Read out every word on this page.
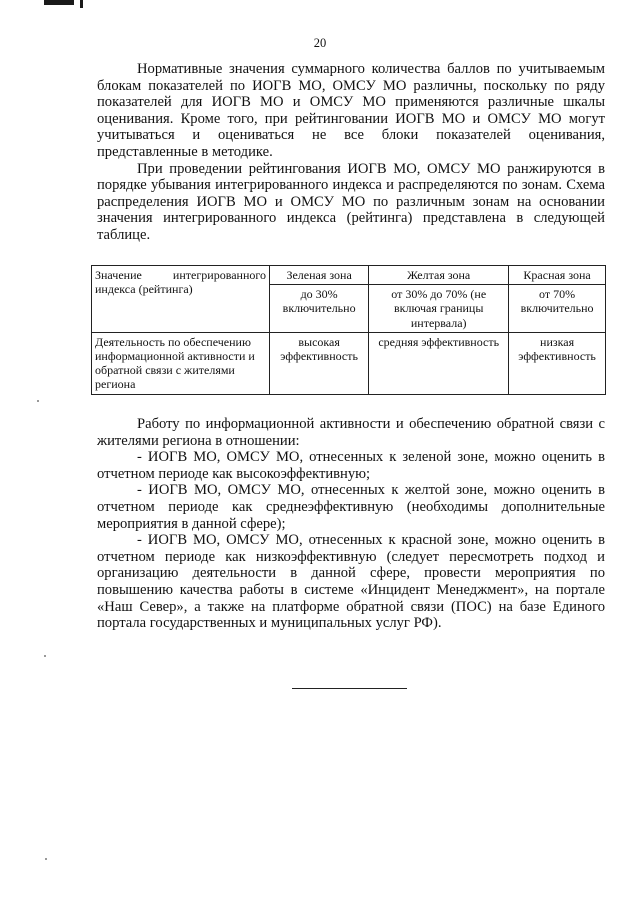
20

Нормативные значения суммарного количества баллов по учитываемым блокам показателей по ИОГВ МО, ОМСУ МО различны, поскольку по ряду показателей для ИОГВ МО и ОМСУ МО применяются различные шкалы оценивания. Кроме того, при рейтинговании ИОГВ МО и ОМСУ МО могут учитываться и оцениваться не все блоки показателей оценивания, представленные в методике.

При проведении рейтингования ИОГВ МО, ОМСУ МО ранжируются в порядке убывания интегрированного индекса и распределяются по зонам. Схема распределения ИОГВ МО и ОМСУ МО по различным зонам на основании значения интегрированного индекса (рейтинга) представлена в следующей таблице.

Значение интегрированного индекса (рейтинга)	Зеленая зона	Желтая зона	Красная зона
	до 30% включительно	от 30% до 70% (не включая границы интервала)	от 70% включительно

Деятельность по обеспечению информационной активности и обратной связи с жителями региона	высокая эффективность	средняя эффективность	низкая эффективность

Работу по информационной активности и обеспечению обратной связи с жителями региона в отношении:

- ИОГВ МО, ОМСУ МО, отнесенных к зеленой зоне, можно оценить в отчетном периоде как высокоэффективную;

- ИОГВ МО, ОМСУ МО, отнесенных к желтой зоне, можно оценить в отчетном периоде как среднеэффективную (необходимы дополнительные мероприятия в данной сфере);

- ИОГВ МО, ОМСУ МО, отнесенных к красной зоне, можно оценить в отчетном периоде как низкоэффективную (следует пересмотреть подход и организацию деятельности в данной сфере, провести мероприятия по повышению качества работы в системе «Инцидент Менеджмент», на портале «Наш Север», а также на платформе обратной связи (ПОС) на базе Единого портала государственных и муниципальных услуг РФ).
